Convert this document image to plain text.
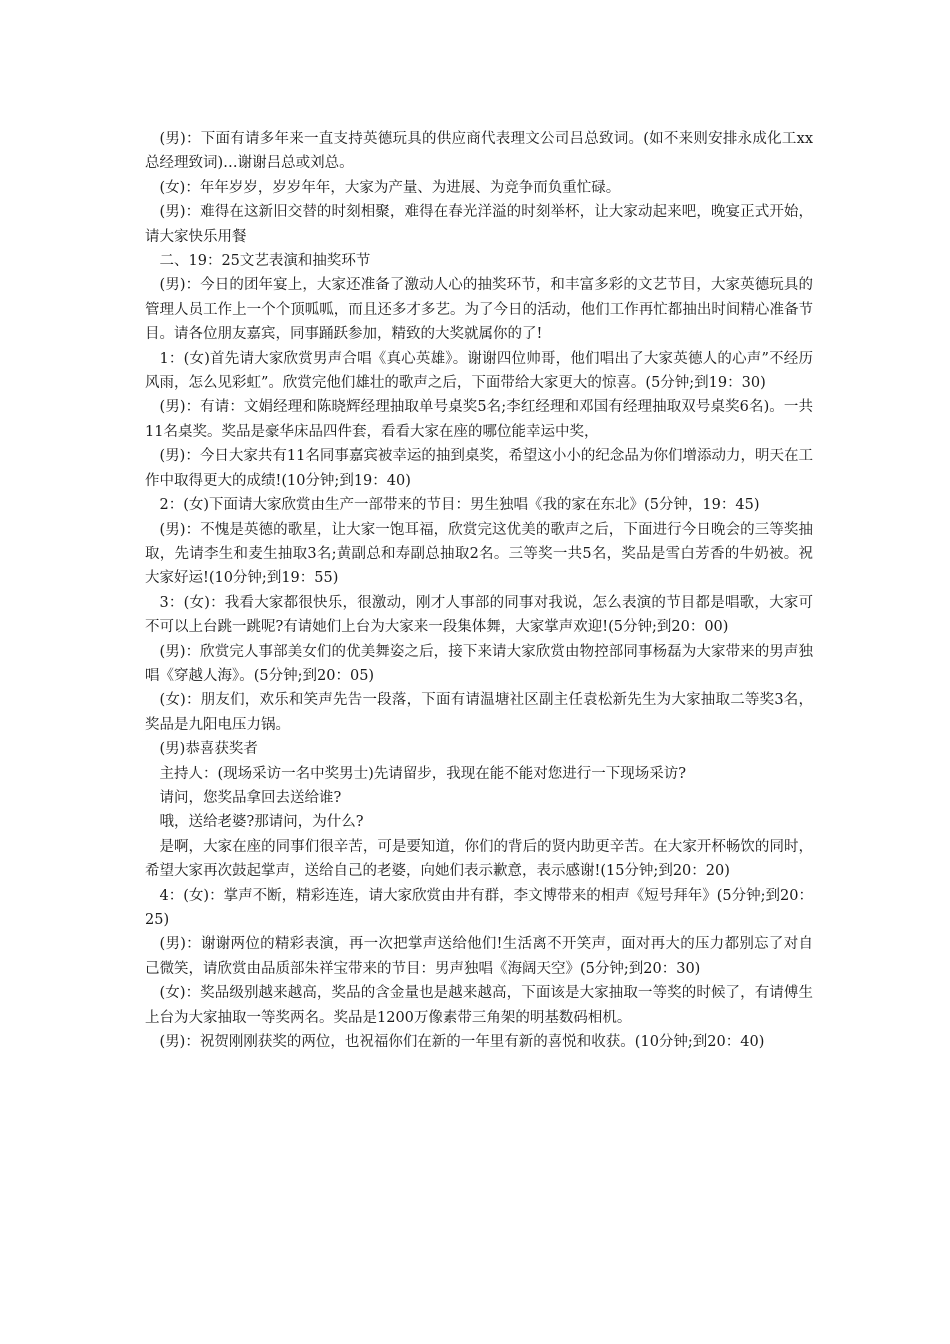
(男)：下面有请多年来一直支持英德玩具的供应商代表理文公司吕总致词。(如不来则安排永成化工xx总经理致词)…谢谢吕总或刘总。

(女)：年年岁岁，岁岁年年，大家为产量、为进展、为竞争而负重忙碌。

(男)：难得在这新旧交替的时刻相聚，难得在春光洋溢的时刻举杯，让大家动起来吧，晚宴正式开始，请大家快乐用餐

二、19：25文艺表演和抽奖环节

(男)：今日的团年宴上，大家还准备了激动人心的抽奖环节，和丰富多彩的文艺节目，大家英德玩具的管理人员工作上一个个顶呱呱，而且还多才多艺。为了今日的活动，他们工作再忙都抽出时间精心准备节目。请各位朋友嘉宾，同事踊跃参加，精致的大奖就属你的了!

1：(女)首先请大家欣赏男声合唱《真心英雄》。谢谢四位帅哥，他们唱出了大家英德人的心声”不经历风雨，怎么见彩虹”。欣赏完他们雄壮的歌声之后，下面带给大家更大的惊喜。(5分钟;到19：30)

(男)：有请：文娟经理和陈晓辉经理抽取单号桌奖5名;李红经理和邓国有经理抽取双号桌奖6名)。一共11名桌奖。奖品是豪华床品四件套，看看大家在座的哪位能幸运中奖，

(男)：今日大家共有11名同事嘉宾被幸运的抽到桌奖，希望这小小的纪念品为你们增添动力，明天在工作中取得更大的成绩!(10分钟;到19：40)

2：(女)下面请大家欣赏由生产一部带来的节目：男生独唱《我的家在东北》(5分钟，19：45)

(男)：不愧是英德的歌星，让大家一饱耳福，欣赏完这优美的歌声之后，下面进行今日晚会的三等奖抽取，先请李生和麦生抽取3名;黄副总和寿副总抽取2名。三等奖一共5名，奖品是雪白芳香的牛奶被。祝大家好运!(10分钟;到19：55)

3：(女)：我看大家都很快乐，很激动，刚才人事部的同事对我说，怎么表演的节目都是唱歌，大家可不可以上台跳一跳呢?有请她们上台为大家来一段集体舞，大家掌声欢迎!(5分钟;到20：00)

(男)：欣赏完人事部美女们的优美舞姿之后，接下来请大家欣赏由物控部同事杨磊为大家带来的男声独唱《穿越人海》。(5分钟;到20：05)

(女)：朋友们，欢乐和笑声先告一段落，下面有请温塘社区副主任袁松新先生为大家抽取二等奖3名，奖品是九阳电压力锅。

(男)恭喜获奖者

主持人：(现场采访一名中奖男士)先请留步，我现在能不能对您进行一下现场采访?

请问，您奖品拿回去送给谁?

哦，送给老婆?那请问，为什么?

是啊，大家在座的同事们很辛苦，可是要知道，你们的背后的贤内助更辛苦。在大家开杯畅饮的同时，希望大家再次鼓起掌声，送给自己的老婆，向她们表示歉意，表示感谢!(15分钟;到20：20)

4：(女)：掌声不断，精彩连连，请大家欣赏由井有群，李文博带来的相声《短号拜年》(5分钟;到20：25)

(男)：谢谢两位的精彩表演，再一次把掌声送给他们!生活离不开笑声，面对再大的压力都别忘了对自己微笑，请欣赏由品质部朱祥宝带来的节目：男声独唱《海阔天空》(5分钟;到20：30)

(女)：奖品级别越来越高，奖品的含金量也是越来越高，下面该是大家抽取一等奖的时候了，有请傅生上台为大家抽取一等奖两名。奖品是1200万像素带三角架的明基数码相机。

(男)：祝贺刚刚获奖的两位，也祝福你们在新的一年里有新的喜悦和收获。(10分钟;到20：40)
